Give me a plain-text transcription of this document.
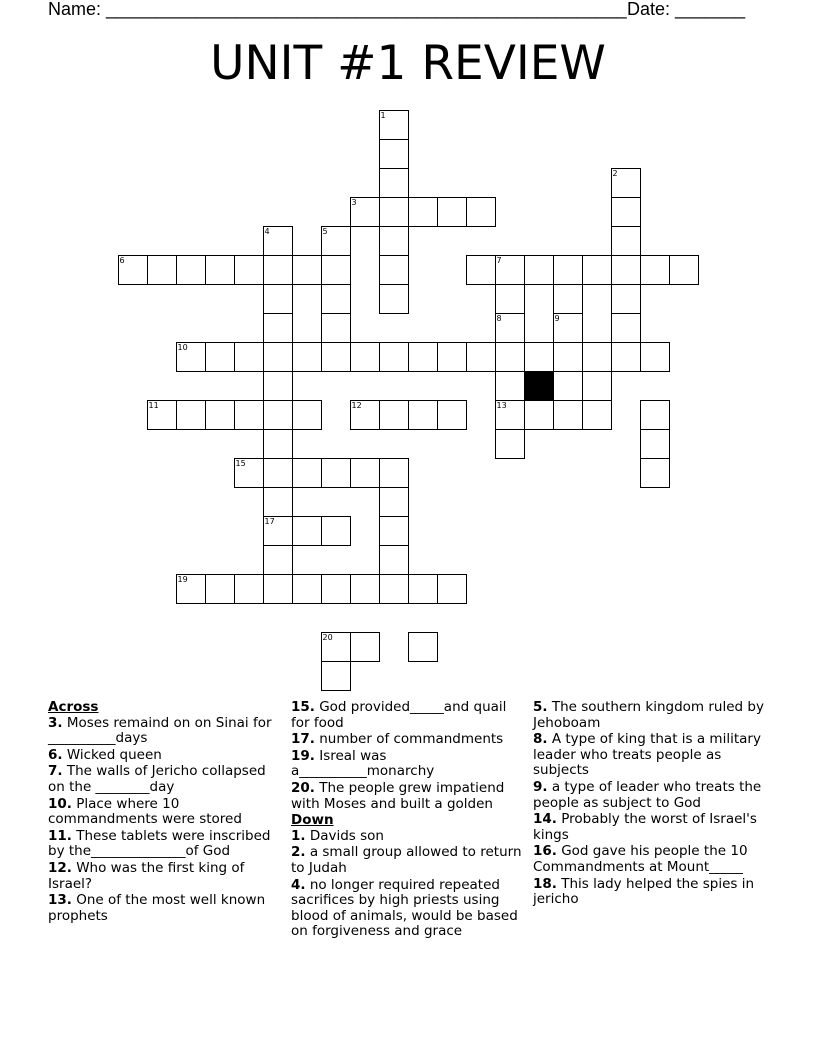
Name: ____________________________________________________ Date: _______
UNIT #1 REVIEW
1
2
3
4
17
5
6	7
8	9
10
11	12	13
15
19
20
Across
3. Moses remaind on on Sinai for __________days
6. Wicked queen
7. The walls of Jericho collapsed on the ________day
10. Place where 10 commandments were stored
11. These tablets were inscribed by the______________of God
12. Who was the first king of Israel?
13. One of the most well known prophets
15. God provided_____and quail for food
17. number of commandments
19. Isreal was a__________monarchy
20. The people grew impatiend with Moses and built a golden
Down
1. Davids son
2. a small group allowed to return to Judah
4. no longer required repeated sacrifices by high priests using blood of animals, would be based on forgiveness and grace
5. The southern kingdom ruled by Jehoboam
8. A type of king that is a military leader who treats people as subjects
9. a type of leader who treats the people as subject to God
14. Probably the worst of Israel's kings
16. God gave his people the 10 Commandments at Mount_____
18. This lady helped the spies in jericho
